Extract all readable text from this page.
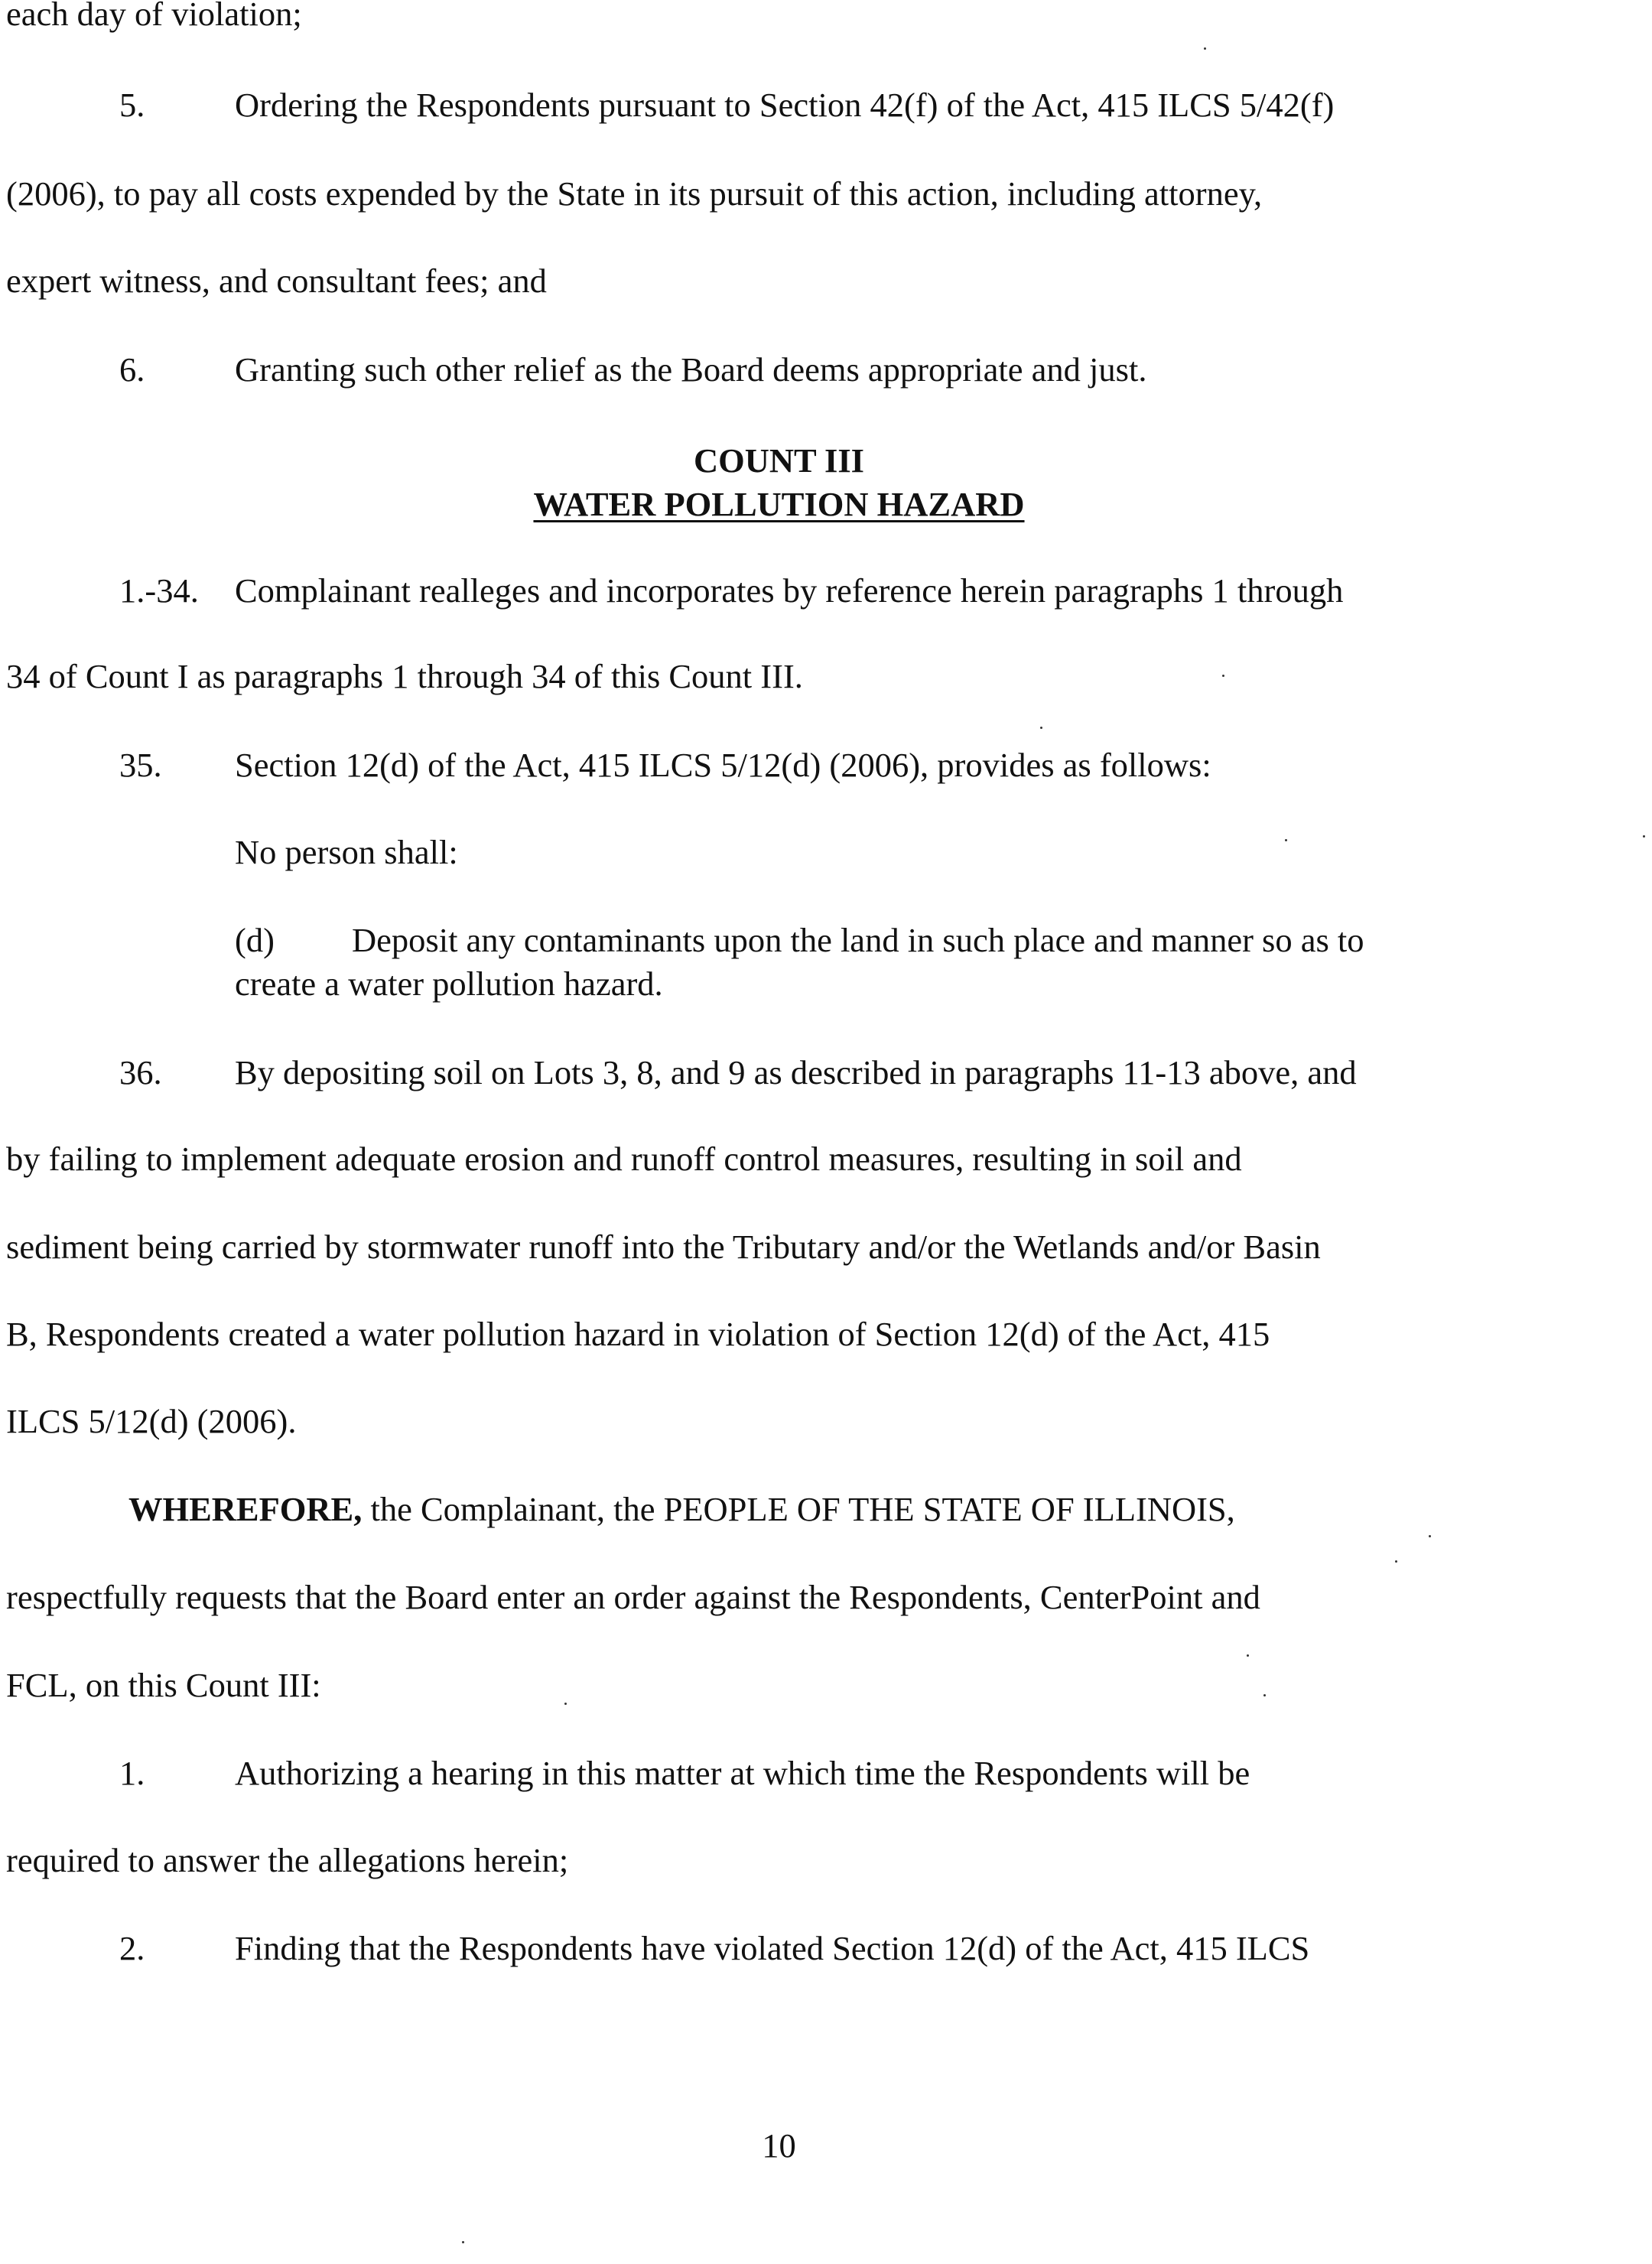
each day of violation;
5.	Ordering the Respondents pursuant to Section 42(f) of the Act, 415 ILCS 5/42(f)
(2006), to pay all costs expended by the State in its pursuit of this action, including attorney,
expert witness, and consultant fees; and
6.	Granting such other relief as the Board deems appropriate and just.
COUNT III
WATER POLLUTION HAZARD
1.-34. Complainant realleges and incorporates by reference herein paragraphs 1 through
34 of Count I as paragraphs 1 through 34 of this Count III.
35. Section 12(d) of the Act, 415 ILCS 5/12(d) (2006), provides as follows:
No person shall:
(d) Deposit any contaminants upon the land in such place and manner so as to
create a water pollution hazard.
36. By depositing soil on Lots 3, 8, and 9 as described in paragraphs 11-13 above, and
by failing to implement adequate erosion and runoff control measures, resulting in soil and
sediment being carried by stormwater runoff into the Tributary and/or the Wetlands and/or Basin
B, Respondents created a water pollution hazard in violation of Section 12(d) of the Act, 415
ILCS 5/12(d) (2006).
WHEREFORE, the Complainant, the PEOPLE OF THE STATE OF ILLINOIS,
respectfully requests that the Board enter an order against the Respondents, CenterPoint and
FCL, on this Count III:
1.	Authorizing a hearing in this matter at which time the Respondents will be
required to answer the allegations herein;
2.	Finding that the Respondents have violated Section 12(d) of the Act, 415 ILCS
10
